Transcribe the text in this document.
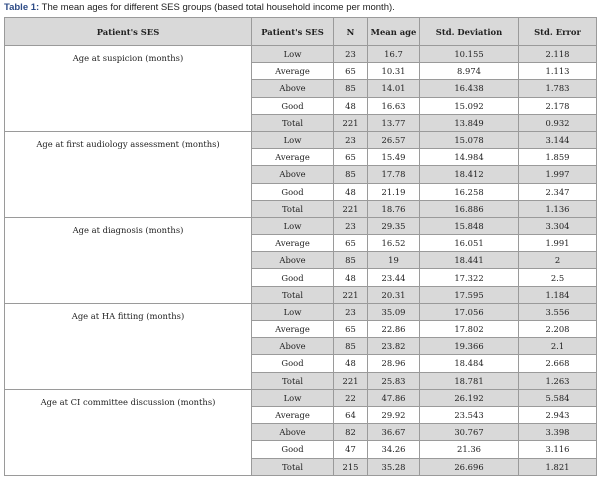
Table 1: The mean ages for different SES groups (based total household income per month).
Patient's SES	Patient's SES	N	Mean age	Std. Deviation	Std. Error
Age at suspicion (months)	Low	23	16.7	10.155	2.118
	Average	65	10.31	8.974	1.113
	Above	85	14.01	16.438	1.783
	Good	48	16.63	15.092	2.178
	Total	221	13.77	13.849	0.932
Age at first audiology assessment (months)	Low	23	26.57	15.078	3.144
	Average	65	15.49	14.984	1.859
	Above	85	17.78	18.412	1.997
	Good	48	21.19	16.258	2.347
	Total	221	18.76	16.886	1.136
Age at diagnosis (months)	Low	23	29.35	15.848	3.304
	Average	65	16.52	16.051	1.991
	Above	85	19	18.441	2
	Good	48	23.44	17.322	2.5
	Total	221	20.31	17.595	1.184
Age at HA fitting (months)	Low	23	35.09	17.056	3.556
	Average	65	22.86	17.802	2.208
	Above	85	23.82	19.366	2.1
	Good	48	28.96	18.484	2.668
	Total	221	25.83	18.781	1.263
Age at CI committee discussion (months)	Low	22	47.86	26.192	5.584
	Average	64	29.92	23.543	2.943
	Above	82	36.67	30.767	3.398
	Good	47	34.26	21.36	3.116
	Total	215	35.28	26.696	1.821
